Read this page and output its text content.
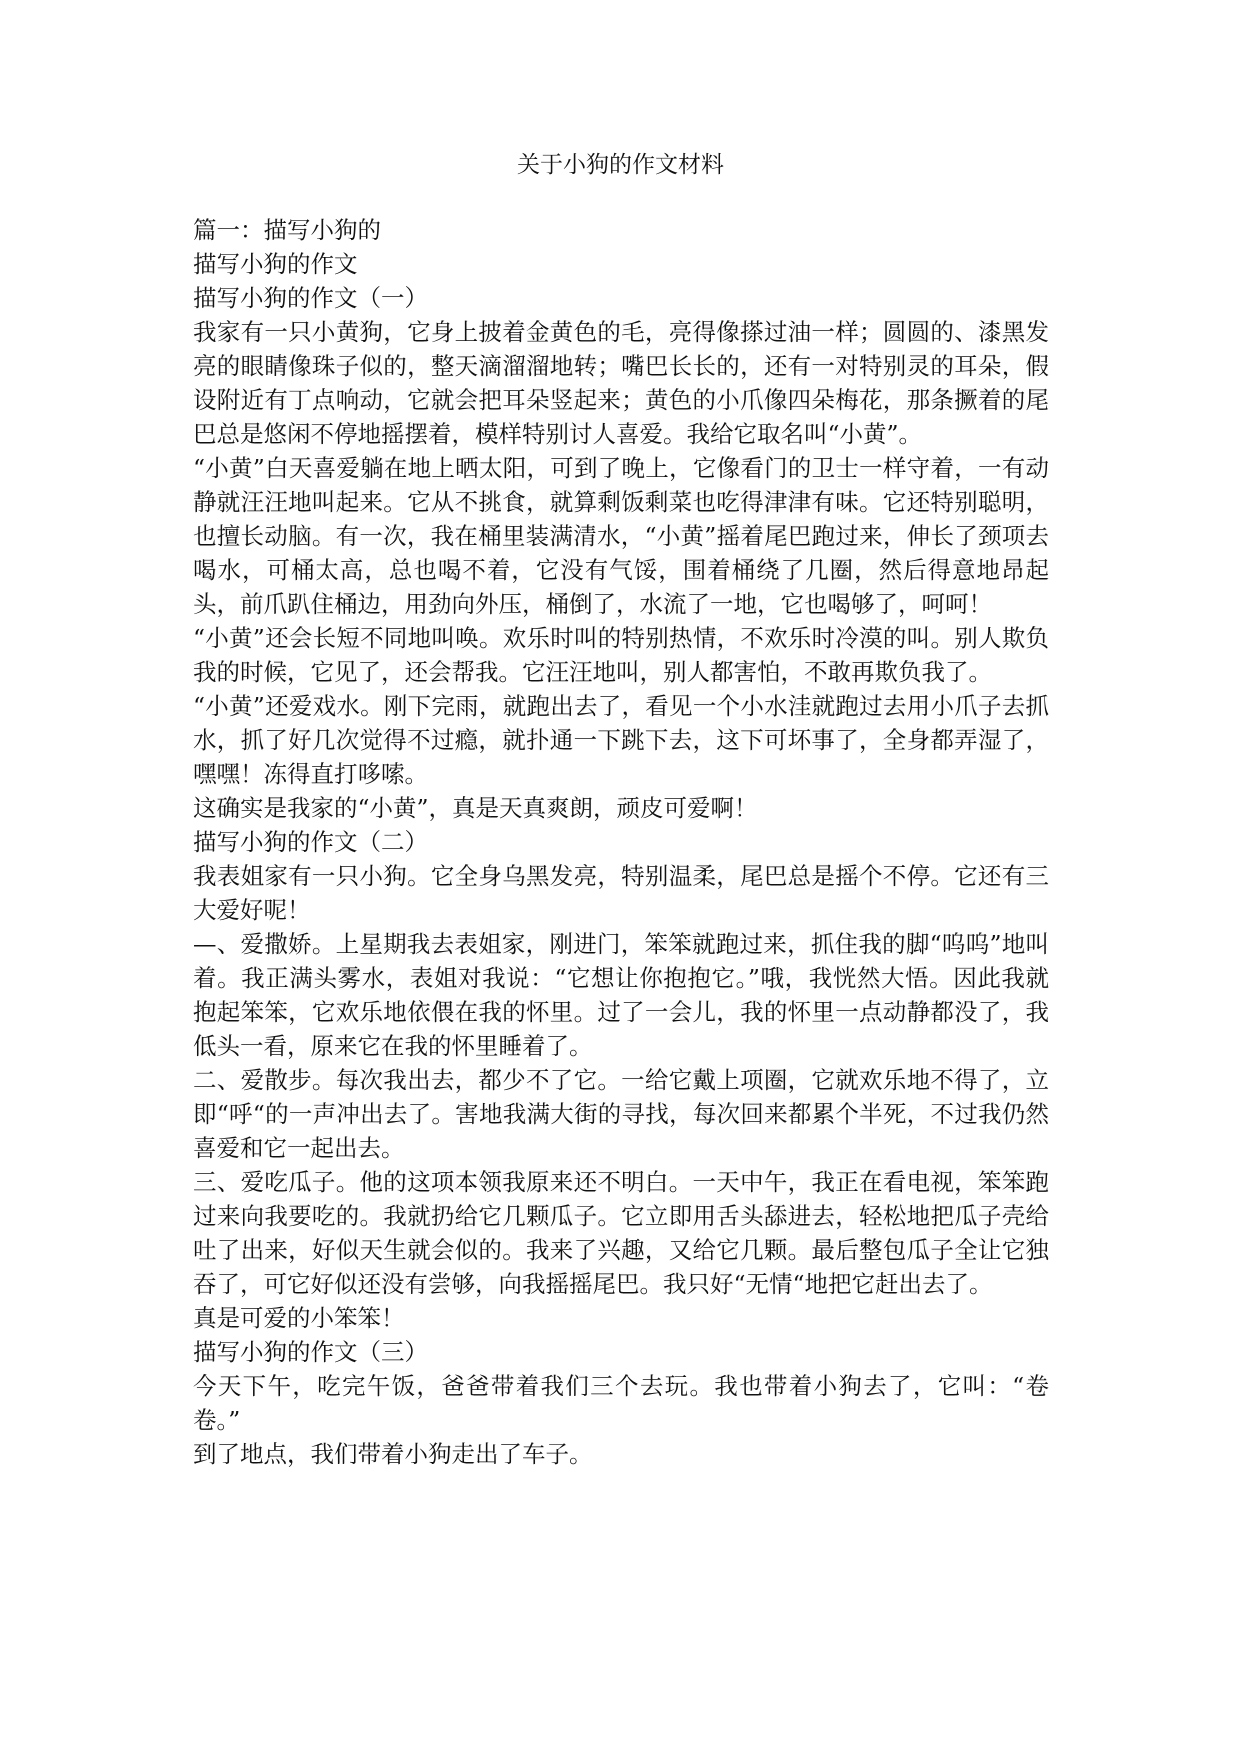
关于小狗的作文材料

篇一：描写小狗的

描写小狗的作文

描写小狗的作文（一）

我家有一只小黄狗，它身上披着金黄色的毛，亮得像搽过油一样；圆圆的、漆黑发亮的眼睛像珠子似的，整天滴溜溜地转；嘴巴长长的，还有一对特别灵的耳朵，假设附近有丁点响动，它就会把耳朵竖起来；黄色的小爪像四朵梅花，那条撅着的尾巴总是悠闲不停地摇摆着，模样特别讨人喜爱。我给它取名叫“小黄”。

“小黄”白天喜爱躺在地上晒太阳，可到了晚上，它像看门的卫士一样守着，一有动静就汪汪地叫起来。它从不挑食，就算剩饭剩菜也吃得津津有味。它还特别聪明，也擅长动脑。有一次，我在桶里装满清水，“小黄”摇着尾巴跑过来，伸长了颈项去喝水，可桶太高，总也喝不着，它没有气馁，围着桶绕了几圈，然后得意地昂起头，前爪趴住桶边，用劲向外压，桶倒了，水流了一地，它也喝够了，呵呵！

“小黄”还会长短不同地叫唤。欢乐时叫的特别热情，不欢乐时冷漠的叫。别人欺负我的时候，它见了，还会帮我。它汪汪地叫，别人都害怕，不敢再欺负我了。

“小黄”还爱戏水。刚下完雨，就跑出去了，看见一个小水洼就跑过去用小爪子去抓水，抓了好几次觉得不过瘾，就扑通一下跳下去，这下可坏事了，全身都弄湿了，嘿嘿！冻得直打哆嗦。

这确实是我家的“小黄”，真是天真爽朗，顽皮可爱啊！

描写小狗的作文（二）

我表姐家有一只小狗。它全身乌黑发亮，特别温柔，尾巴总是摇个不停。它还有三大爱好呢！

—、爱撒娇。上星期我去表姐家，刚进门，笨笨就跑过来，抓住我的脚“呜呜”地叫着。我正满头雾水，表姐对我说：“它想让你抱抱它。”哦，我恍然大悟。因此我就抱起笨笨，它欢乐地依偎在我的怀里。过了一会儿，我的怀里一点动静都没了，我低头一看，原来它在我的怀里睡着了。

二、爱散步。每次我出去，都少不了它。一给它戴上项圈，它就欢乐地不得了，立即“呼“的一声冲出去了。害地我满大街的寻找，每次回来都累个半死，不过我仍然喜爱和它一起出去。

三、爱吃瓜子。他的这项本领我原来还不明白。一天中午，我正在看电视，笨笨跑过来向我要吃的。我就扔给它几颗瓜子。它立即用舌头舔进去，轻松地把瓜子壳给吐了出来，好似天生就会似的。我来了兴趣，又给它几颗。最后整包瓜子全让它独吞了，可它好似还没有尝够，向我摇摇尾巴。我只好“无情“地把它赶出去了。

真是可爱的小笨笨！

描写小狗的作文（三）

今天下午，吃完午饭，爸爸带着我们三个去玩。我也带着小狗去了，它叫：“卷卷。”

到了地点，我们带着小狗走出了车子。
